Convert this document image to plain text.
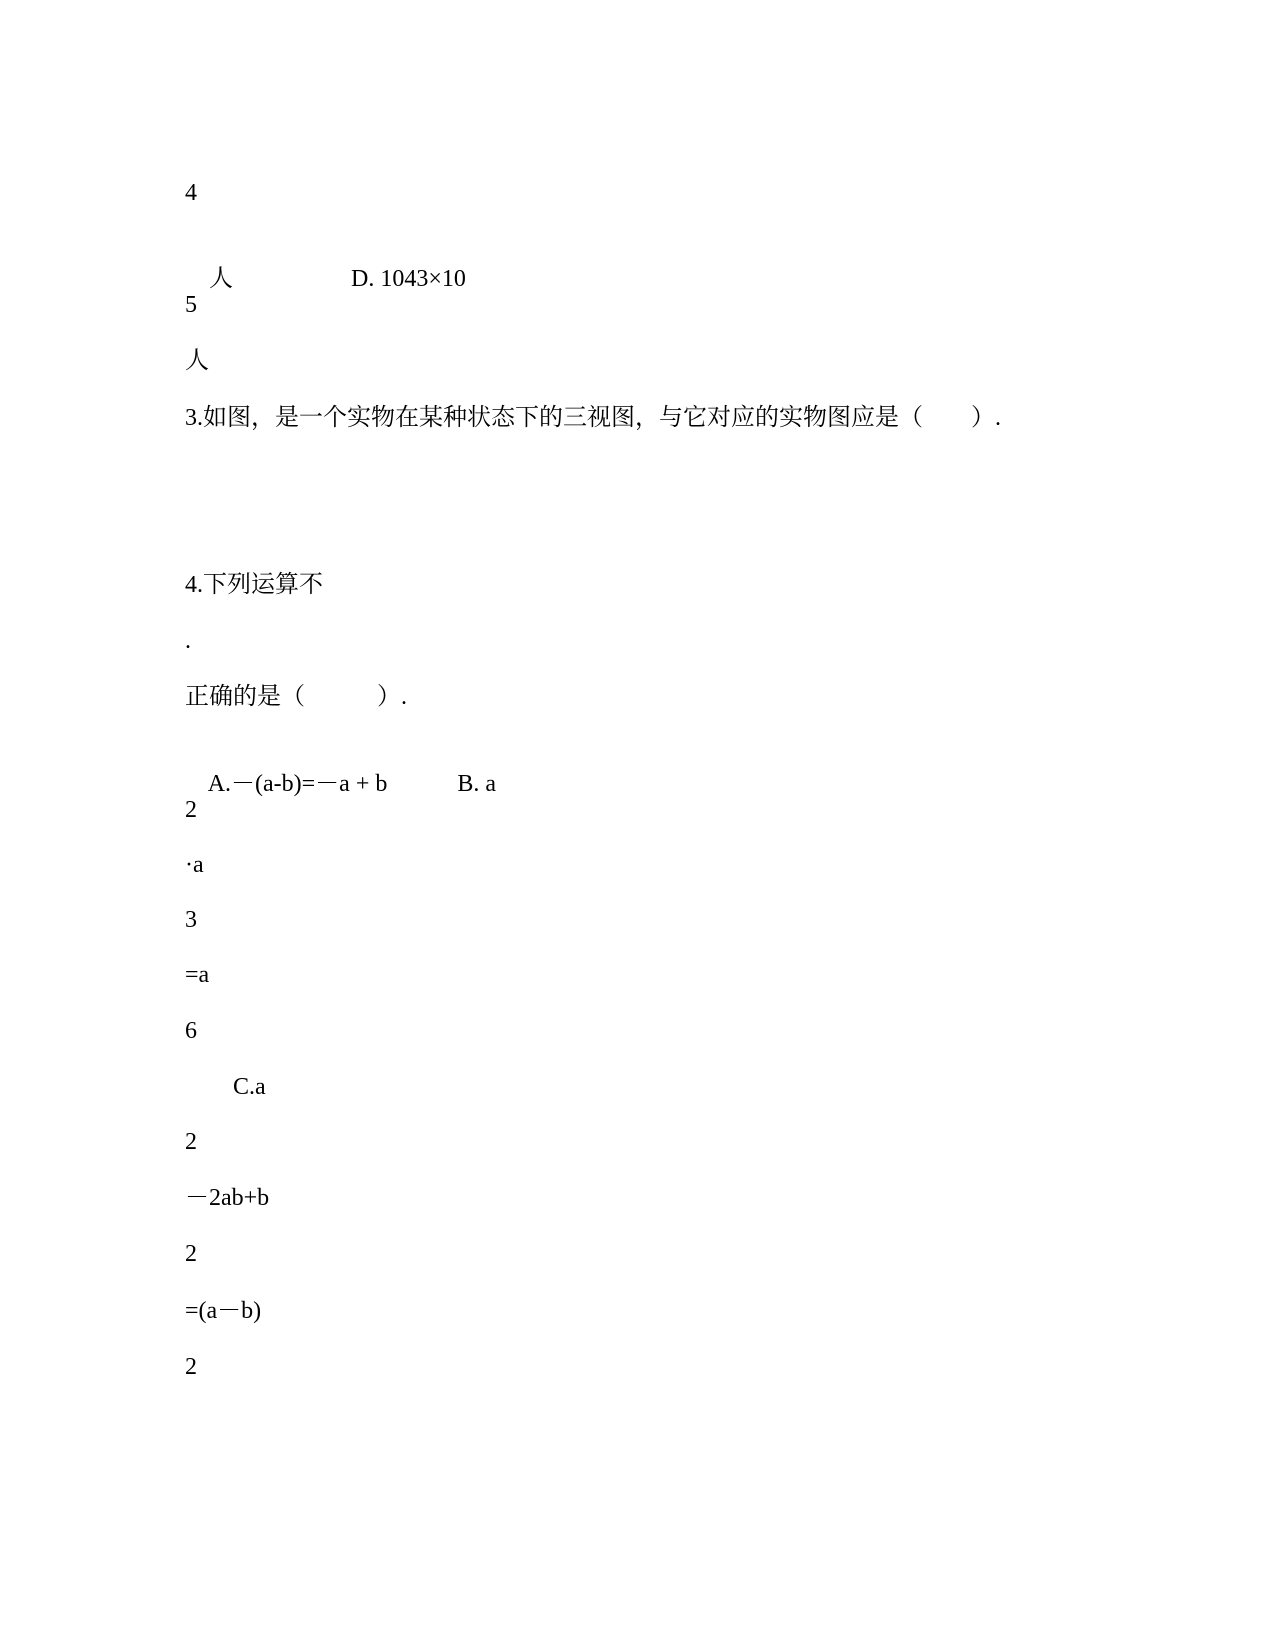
4

人	D. 1043×10

5
人
3.如图，是一个实物在某种状态下的三视图，与它对应的实物图应是（　　）.
4.下列运算不
.
正确的是（　　　）.

A.－(a-b)=－a + b	B. a

2
·a
3
=a
6
C.a
2
－2ab+b
2
=(a－b)
2
